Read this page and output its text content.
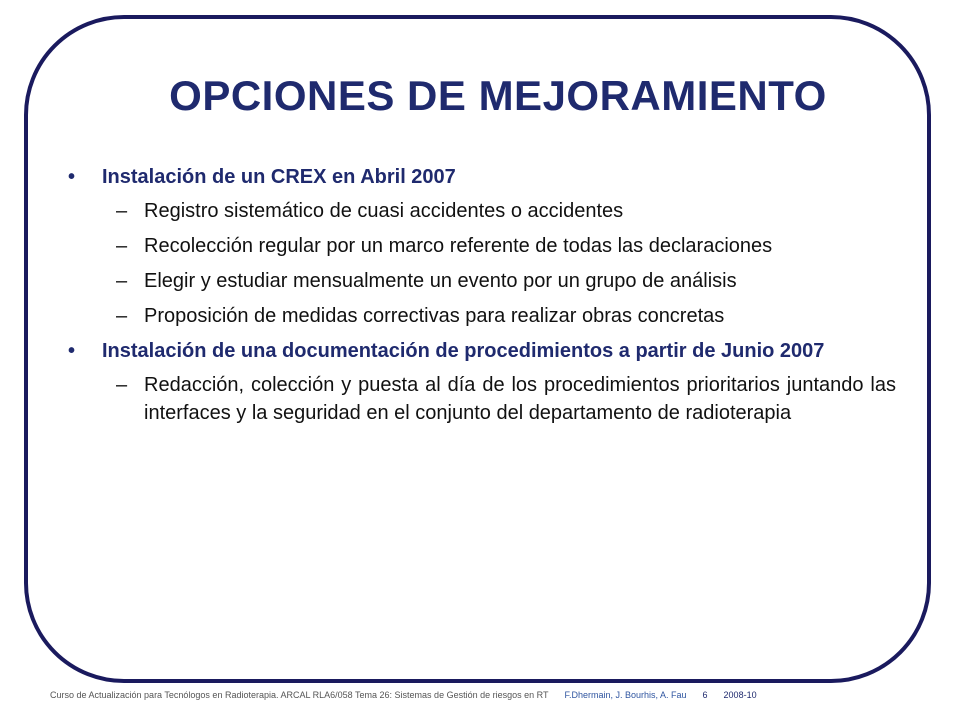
OPCIONES DE MEJORAMIENTO
• Instalación de un CREX en Abril 2007
– Registro sistemático de cuasi accidentes o accidentes
– Recolección regular por un marco referente de todas las declaraciones
– Elegir y estudiar mensualmente un evento por un grupo de análisis
– Proposición de medidas correctivas para realizar obras concretas
• Instalación de una documentación de procedimientos a partir de Junio 2007
– Redacción, colección y puesta al día de los procedimientos prioritarios juntando las interfaces y la seguridad en el conjunto del departamento de radioterapia
Curso de Actualización para Tecnólogos en Radioterapia. ARCAL RLA6/058 Tema 26: Sistemas de Gestión de riesgos en RT F.Dhermain, J. Bourhis, A. Fau 6 2008-10
